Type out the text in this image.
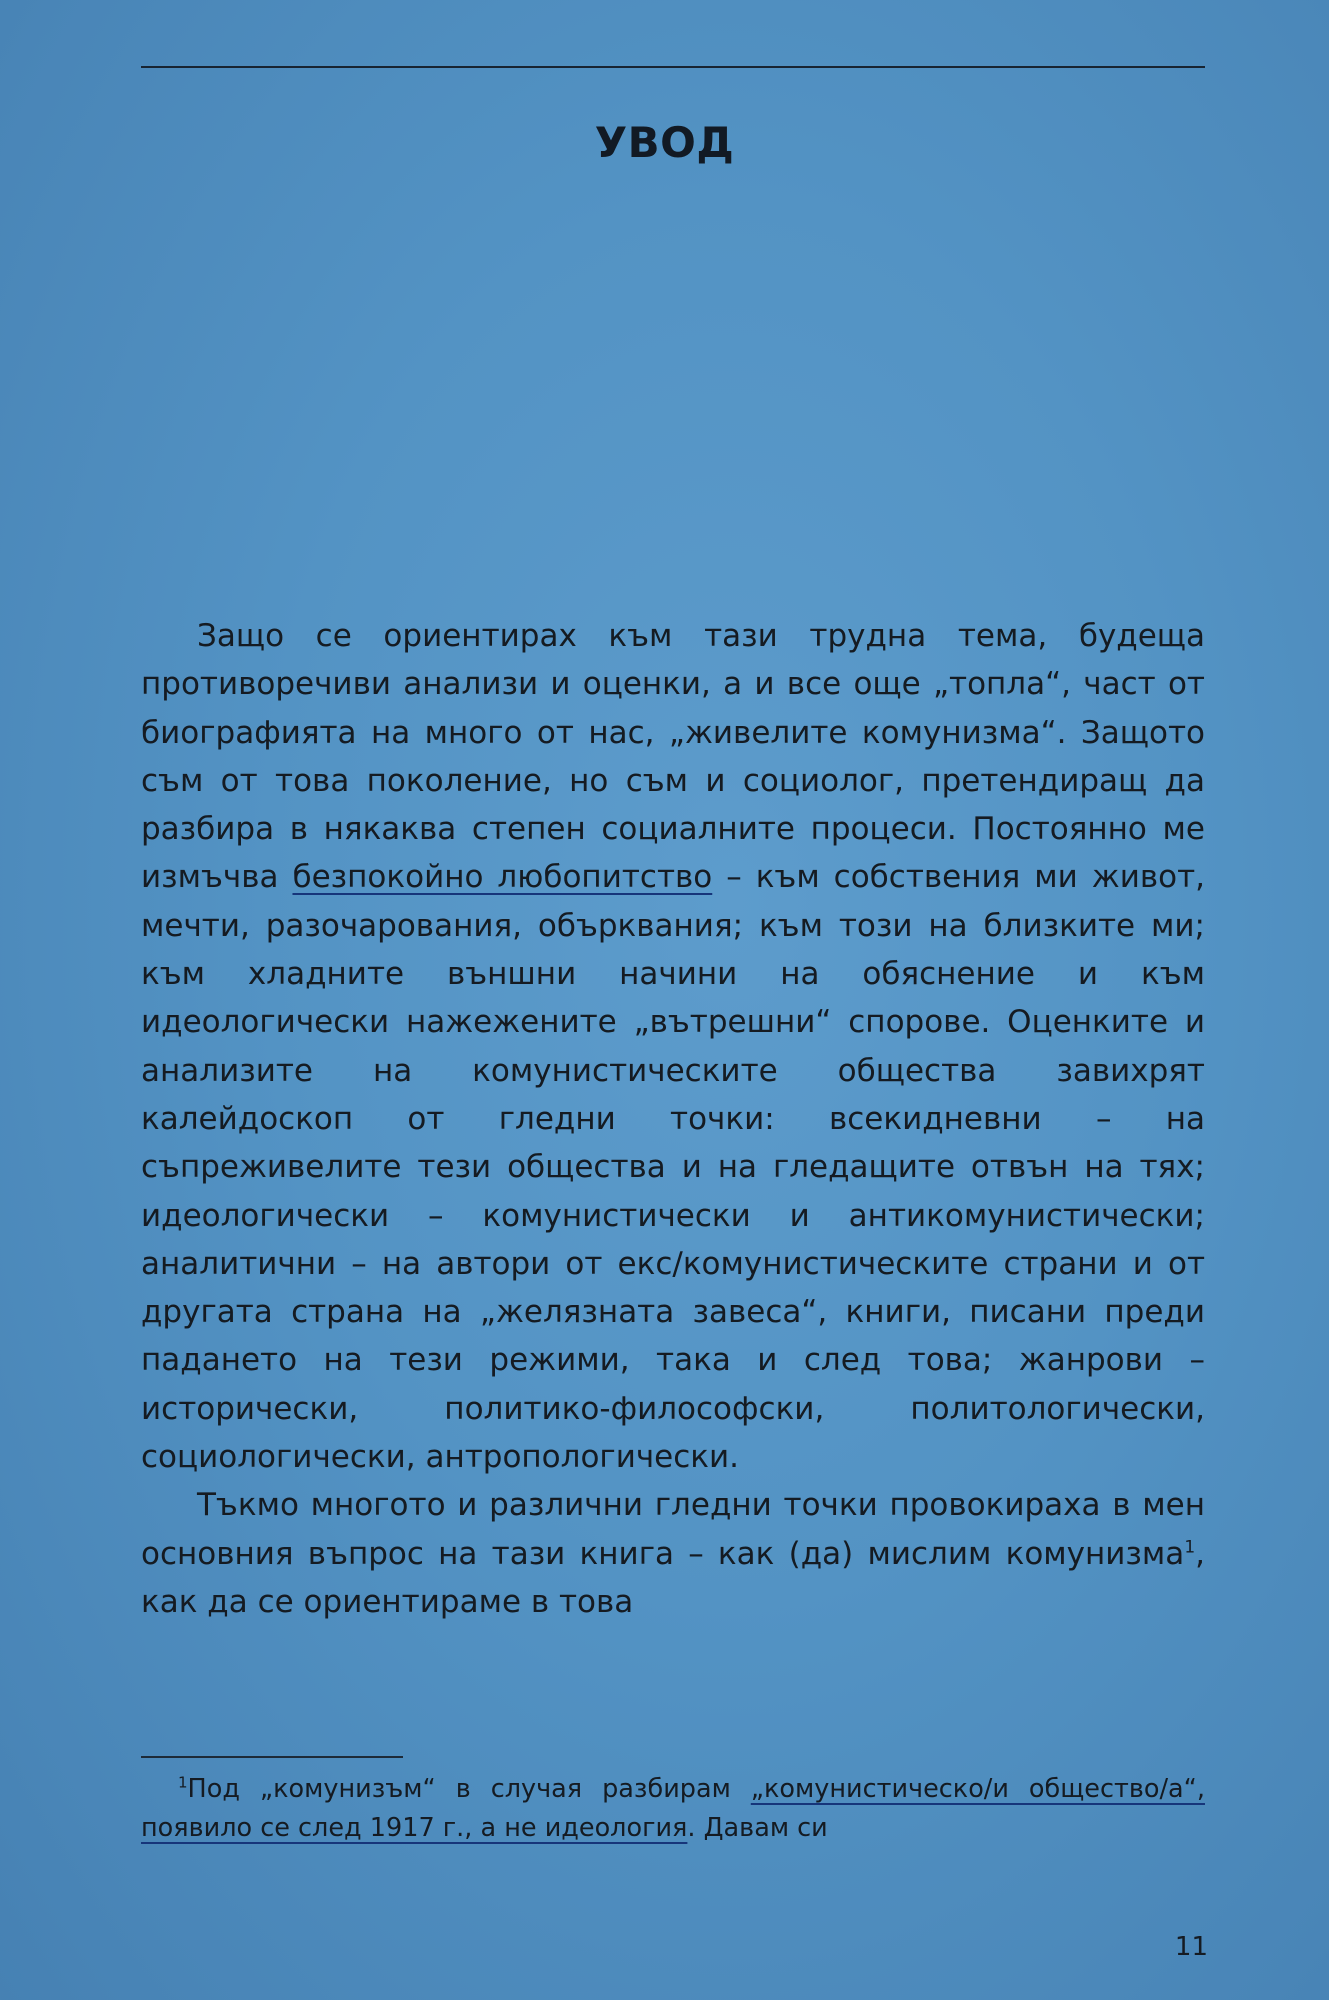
УВОД

Защо се ориентирах към тази трудна тема, будеща противоречиви анализи и оценки, а и все още „топла“, част от биографията на много от нас, „живелите комунизма“. Защото съм от това поколение, но съм и социолог, претендиращ да разбира в някаква степен социалните процеси. Постоянно ме измъчва безпокойно любопитство – към собствения ми живот, мечти, разочарования, обърквания; към този на близките ми; към хладните външни начини на обяснение и към идеологически нажежените „вътрешни“ спорове. Оценките и анализите на комунистическите общества завихрят калейдоскоп от гледни точки: всекидневни – на съпреживелите тези общества и на гледащите отвън на тях; идеологически – комунистически и антикомунистически; аналитични – на автори от екс/комунистическите страни и от другата страна на „желязната завеса“, книги, писани преди падането на тези режими, така и след това; жанрови – исторически, политико-философски, политологически, социологически, антропологически.

Тъкмо многото и различни гледни точки провокираха в мен основния въпрос на тази книга – как (да) мислим комунизма$^1$, как да се ориентираме в това

$^1$Под „комунизъм“ в случая разбирам „комунистическо/и общество/а“, появило се след 1917 г., а не идеология. Давам си

11
